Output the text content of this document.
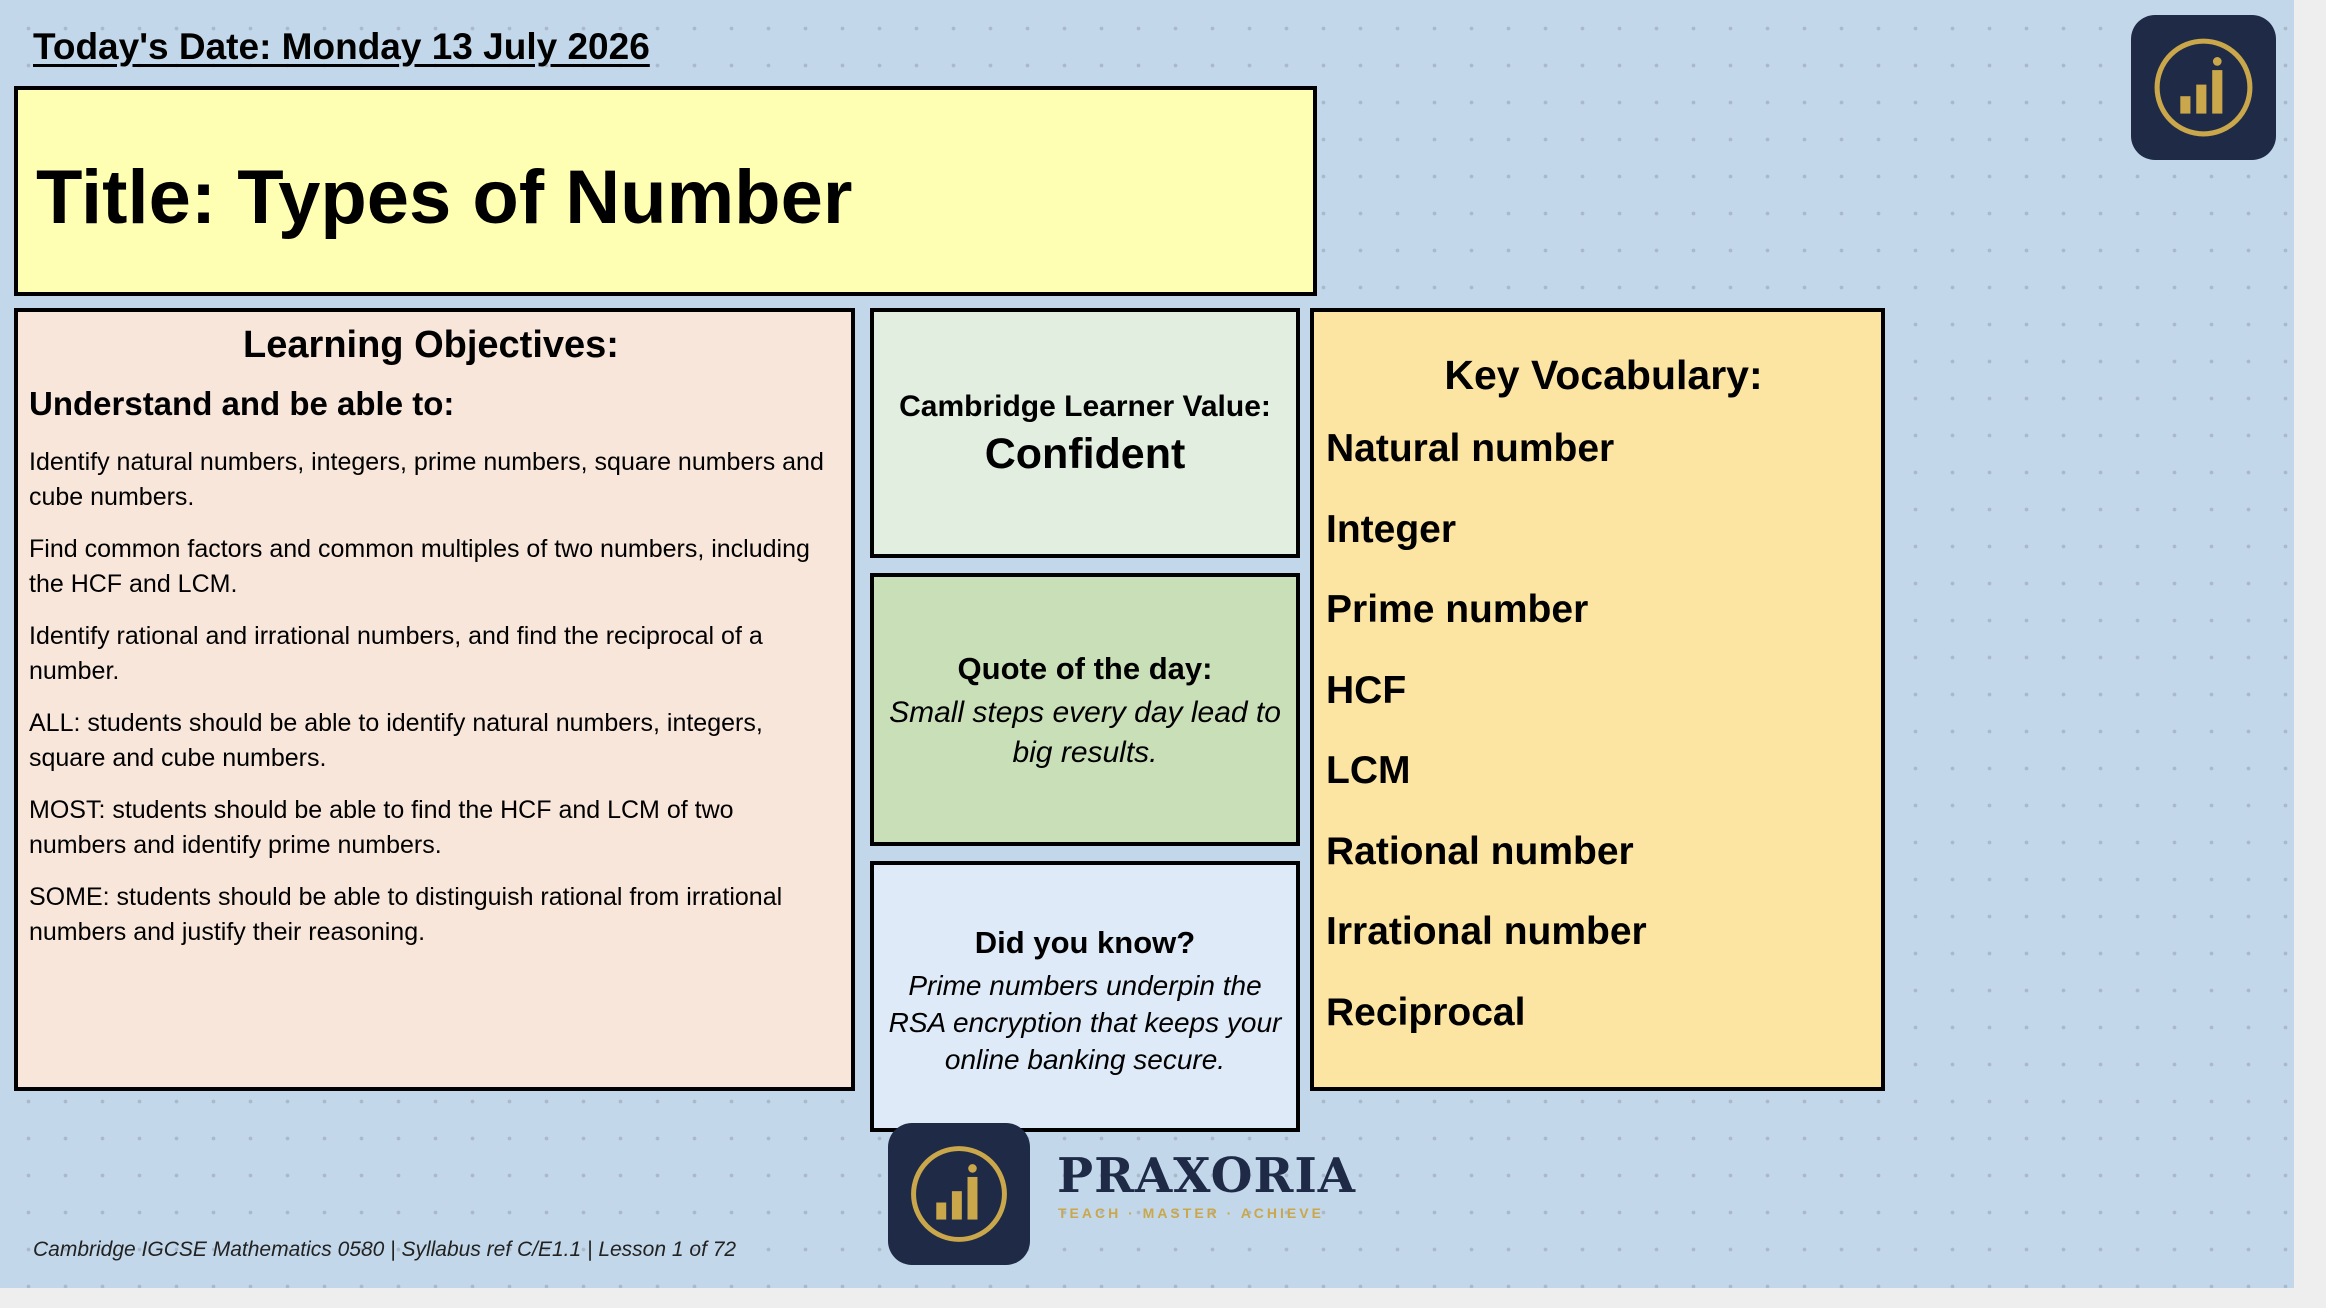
Today's Date: Monday 13 July 2026
Title: Types of Number
Learning Objectives:
Understand and be able to:

Identify natural numbers, integers, prime numbers, square numbers and cube numbers.

Find common factors and common multiples of two numbers, including the HCF and LCM.

Identify rational and irrational numbers, and find the reciprocal of a number.

ALL: students should be able to identify natural numbers, integers, square and cube numbers.

MOST: students should be able to find the HCF and LCM of two numbers and identify prime numbers.

SOME: students should be able to distinguish rational from irrational numbers and justify their reasoning.

Cambridge Learner Value:
Confident
Quote of the day:
Small steps every day lead to big results.
Did you know?
Prime numbers underpin the RSA encryption that keeps your online banking secure.
Key Vocabulary:
Natural number
Integer
Prime number
HCF
LCM
Rational number
Irrational number
Reciprocal
PRAXORIA
TEACH · MASTER · ACHIEVE
Cambridge IGCSE Mathematics 0580 | Syllabus ref C/E1.1 | Lesson 1 of 72
